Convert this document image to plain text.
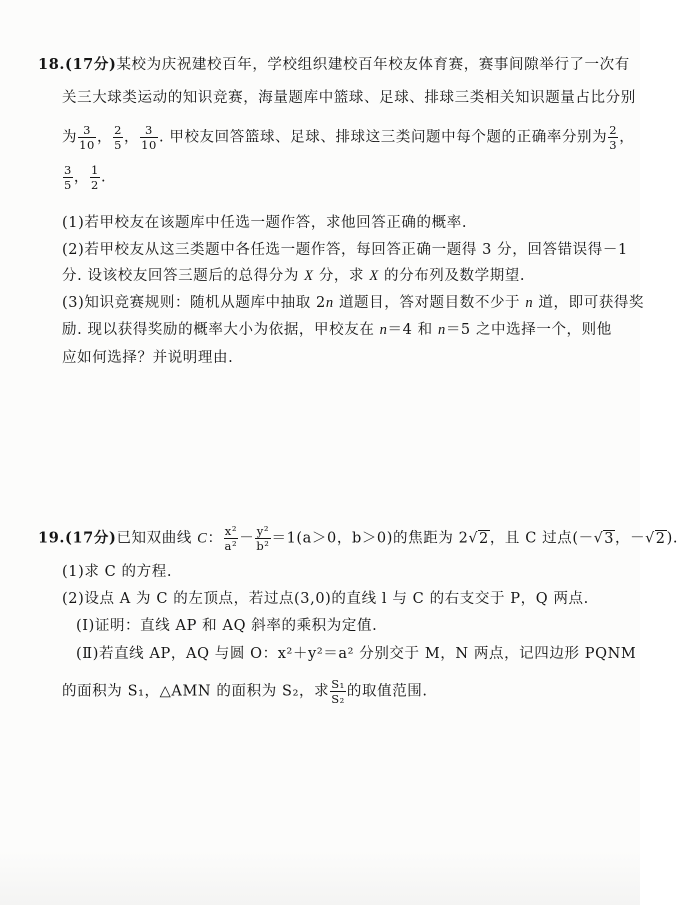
18.(17分)某校为庆祝建校百年，学校组织建校百年校友体育赛，赛事间隙举行了一次有
关三大球类运动的知识竞赛，海量题库中篮球、足球、排球三类相关知识题量占比分别
为 $\frac{3}{10}$ ， $\frac{2}{5}$ ， $\frac{3}{10}$ . 甲校友回答篮球、足球、排球这三类问题中每个题的正确率分别为 $\frac{2}{3}$ ，
$\frac{3}{5}$ ， $\frac{1}{2}$ .
(1)若甲校友在该题库中任选一题作答，求他回答正确的概率.
(2)若甲校友从这三类题中各任选一题作答，每回答正确一题得 3 分，回答错误得－1
分. 设该校友回答三题后的总得分为 X 分，求 X 的分布列及数学期望.
(3)知识竞赛规则：随机从题库中抽取 2n 道题目，答对题目数不少于 n 道，即可获得奖
励. 现以获得奖励的概率大小为依据，甲校友在 n＝4 和 n＝5 之中选择一个，则他
应如何选择？并说明理由.
19.(17分)已知双曲线 C： $\frac{\text{x²}}{\text{a²}} - \frac{\text{y²}}{\text{b²}} =1(a>0$，b＞0)的焦距为 2√2，且 C 过点(－√3，－√2).
(1)求 C 的方程.
(2)设点 A 为 C 的左顶点，若过点(3,0)的直线 l 与 C 的右支交于 P，Q 两点.
(Ⅰ)证明：直线 AP 和 AQ 斜率的乘积为定值.
(Ⅱ)若直线 AP，AQ 与圆 O：x²＋y²＝a² 分别交于 M，N 两点，记四边形 PQNM
的面积为 S₁，△AMN 的面积为 S₂，求 $\frac{\text{S₁}}{\text{S₂}}$ 的取值范围.
